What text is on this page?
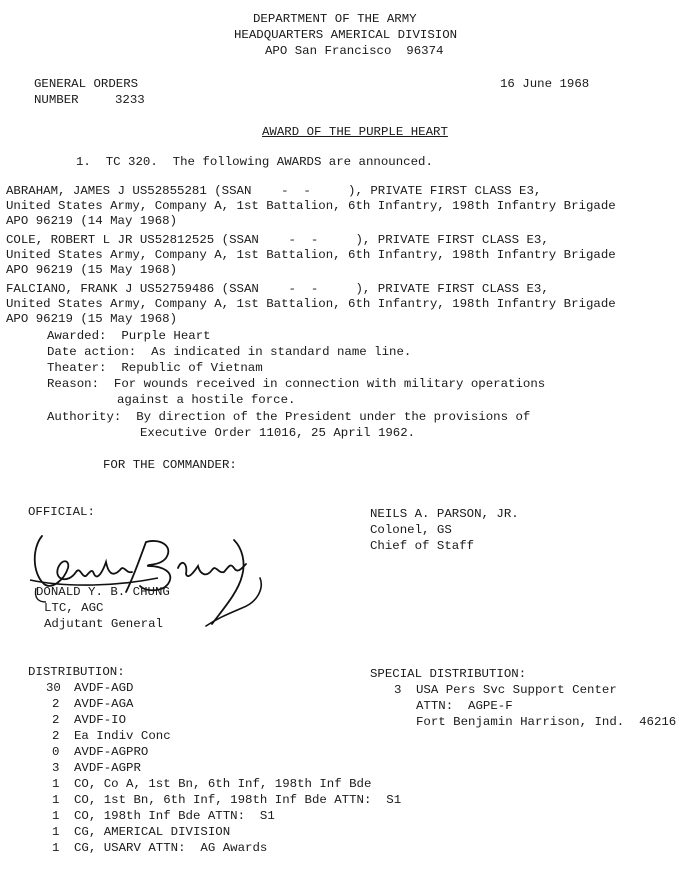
DEPARTMENT OF THE ARMY
HEADQUARTERS AMERICAL DIVISION
APO San Francisco  96374
GENERAL ORDERS
NUMBER	3233
16 June 1968
AWARD OF THE PURPLE HEART
1.  TC 320.  The following AWARDS are announced.
ABRAHAM, JAMES J US52855281 (SSAN    -  -     ), PRIVATE FIRST CLASS E3,
United States Army, Company A, 1st Battalion, 6th Infantry, 198th Infantry Brigade
APO 96219 (14 May 1968)
COLE, ROBERT L JR US52812525 (SSAN    -  -     ), PRIVATE FIRST CLASS E3,
United States Army, Company A, 1st Battalion, 6th Infantry, 198th Infantry Brigade
APO 96219 (15 May 1968)
FALCIANO, FRANK J US52759486 (SSAN    -  -     ), PRIVATE FIRST CLASS E3,
United States Army, Company A, 1st Battalion, 6th Infantry, 198th Infantry Brigade
APO 96219 (15 May 1968)
Awarded:  Purple Heart
Date action:  As indicated in standard name line.
Theater:  Republic of Vietnam
Reason:  For wounds received in connection with military operations
against a hostile force.
Authority:  By direction of the President under the provisions of
Executive Order 11016, 25 April 1962.
FOR THE COMMANDER:
OFFICIAL:
DONALD Y. B. CHUNG
LTC, AGC
Adjutant General
NEILS A. PARSON, JR.
Colonel, GS
Chief of Staff
DISTRIBUTION:
30 AVDF-AGD
2 AVDF-AGA
2 AVDF-IO
2 Ea Indiv Conc
0 AVDF-AGPRO
3 AVDF-AGPR
1 CO, Co A, 1st Bn, 6th Inf, 198th Inf Bde
1 CO, 1st Bn, 6th Inf, 198th Inf Bde ATTN:  S1
1 CO, 198th Inf Bde ATTN:  S1
1 CG, AMERICAL DIVISION
1 CG, USARV ATTN:  AG Awards
SPECIAL DISTRIBUTION:
3 USA Pers Svc Support Center
ATTN:  AGPE-F
Fort Benjamin Harrison, Ind.  46216
